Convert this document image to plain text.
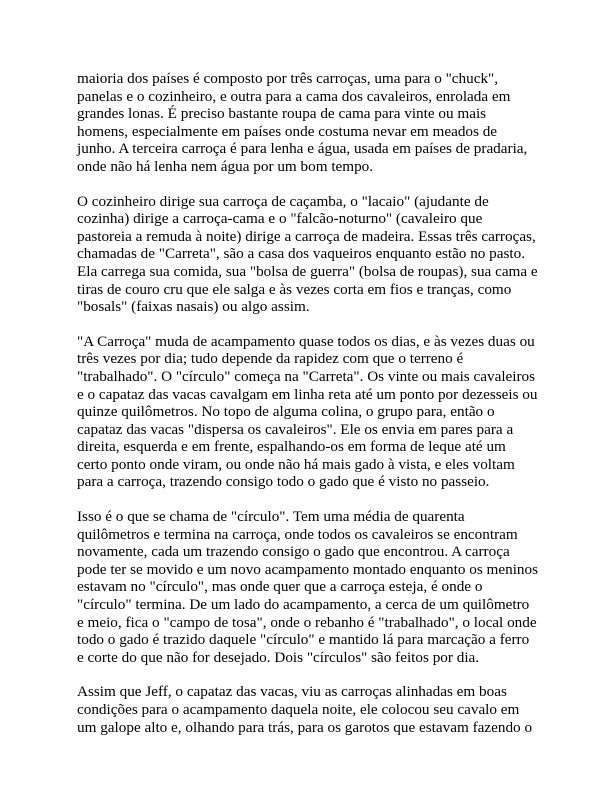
maioria dos países é composto por três carroças, uma para o "chuck", panelas e o cozinheiro, e outra para a cama dos cavaleiros, enrolada em grandes lonas. É preciso bastante roupa de cama para vinte ou mais homens, especialmente em países onde costuma nevar em meados de junho. A terceira carroça é para lenha e água, usada em países de pradaria, onde não há lenha nem água por um bom tempo.

O cozinheiro dirige sua carroça de caçamba, o "lacaio" (ajudante de cozinha) dirige a carroça-cama e o "falcão-noturno" (cavaleiro que pastoreia a remuda à noite) dirige a carroça de madeira. Essas três carroças, chamadas de "Carreta", são a casa dos vaqueiros enquanto estão no pasto. Ela carrega sua comida, sua "bolsa de guerra" (bolsa de roupas), sua cama e tiras de couro cru que ele salga e às vezes corta em fios e tranças, como "bosals" (faixas nasais) ou algo assim.

"A Carroça" muda de acampamento quase todos os dias, e às vezes duas ou três vezes por dia; tudo depende da rapidez com que o terreno é "trabalhado". O "círculo" começa na "Carreta". Os vinte ou mais cavaleiros e o capataz das vacas cavalgam em linha reta até um ponto por dezesseis ou quinze quilômetros. No topo de alguma colina, o grupo para, então o capataz das vacas "dispersa os cavaleiros". Ele os envia em pares para a direita, esquerda e em frente, espalhando-os em forma de leque até um certo ponto onde viram, ou onde não há mais gado à vista, e eles voltam para a carroça, trazendo consigo todo o gado que é visto no passeio.

Isso é o que se chama de "círculo". Tem uma média de quarenta quilômetros e termina na carroça, onde todos os cavaleiros se encontram novamente, cada um trazendo consigo o gado que encontrou. A carroça pode ter se movido e um novo acampamento montado enquanto os meninos estavam no "círculo", mas onde quer que a carroça esteja, é onde o "círculo" termina. De um lado do acampamento, a cerca de um quilômetro e meio, fica o "campo de tosa", onde o rebanho é "trabalhado", o local onde todo o gado é trazido daquele "círculo" e mantido lá para marcação a ferro e corte do que não for desejado. Dois "círculos" são feitos por dia.

Assim que Jeff, o capataz das vacas, viu as carroças alinhadas em boas condições para o acampamento daquela noite, ele colocou seu cavalo em um galope alto e, olhando para trás, para os garotos que estavam fazendo o
